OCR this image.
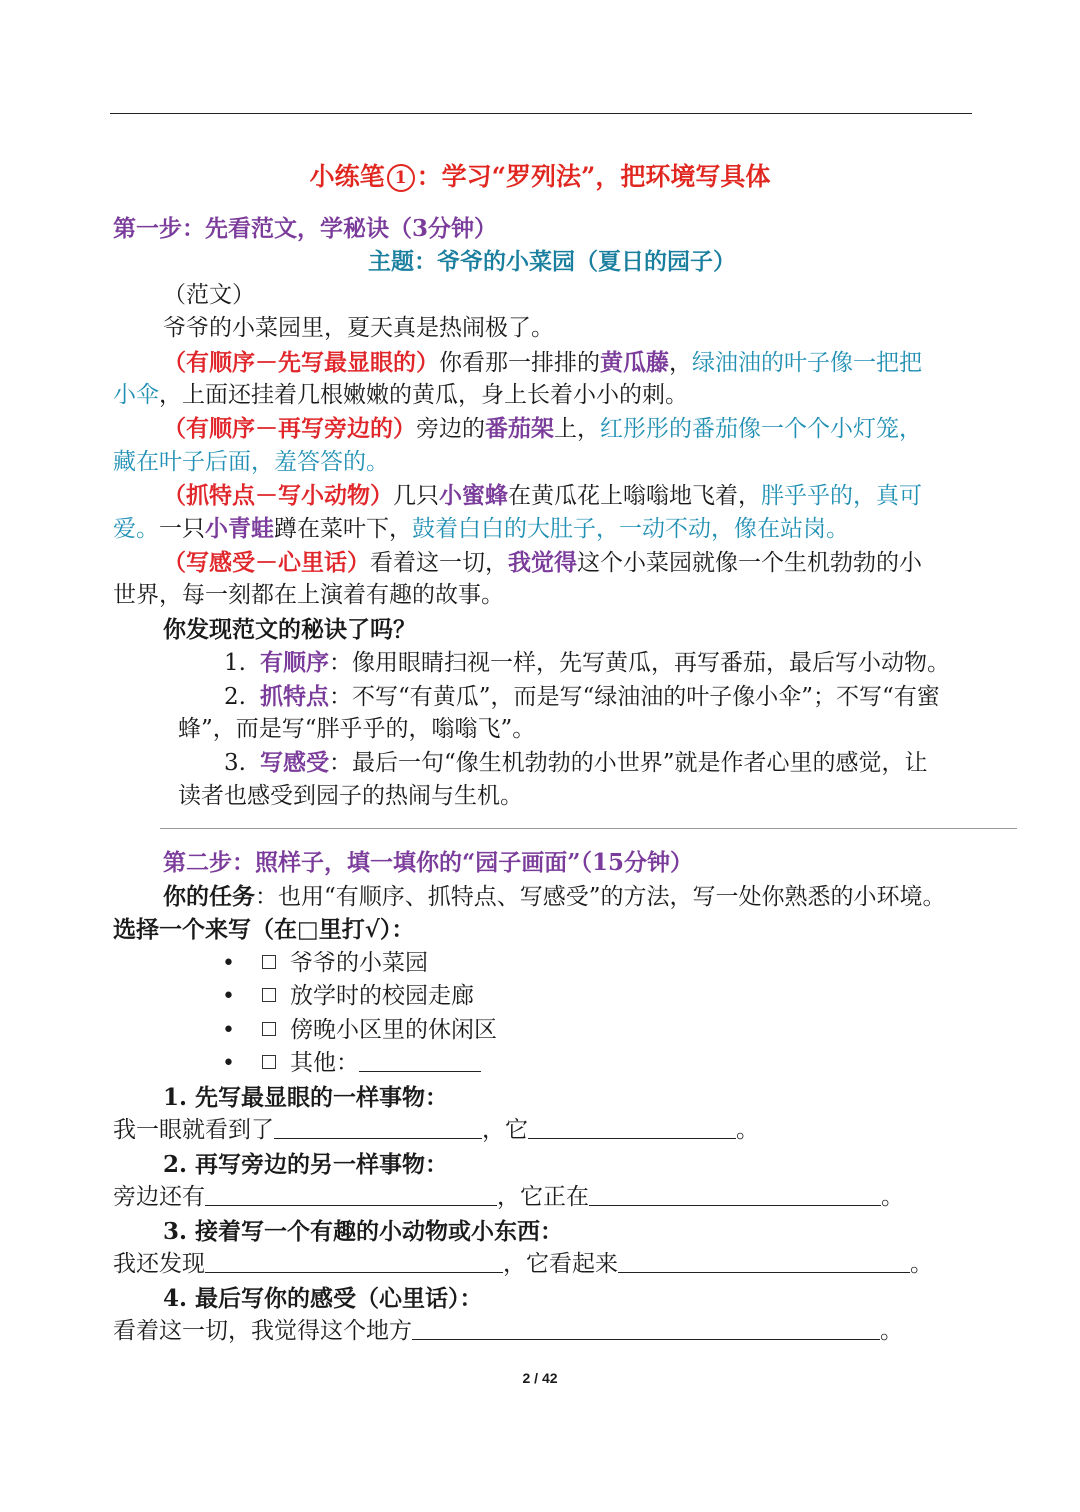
小练笔 1 ：学习“罗列法”，把环境写具体
第一步：先看范文，学秘诀（3分钟）
主题：爷爷的小菜园（夏日的园子）
（范文）
爷爷的小菜园里，夏天真是热闹极了。
（有顺序－先写最显眼的）你看那一排排的黄瓜藤，绿油油的叶子像一把把
小伞，上面还挂着几根嫩嫩的黄瓜，身上长着小小的刺。
（有顺序－再写旁边的）旁边的番茄架上，红彤彤的番茄像一个个小灯笼，
藏在叶子后面，羞答答的。
（抓特点－写小动物）几只小蜜蜂在黄瓜花上嗡嗡地飞着，胖乎乎的，真可
爱。一只小青蛙蹲在菜叶下，鼓着白白的大肚子，一动不动，像在站岗。
（写感受－心里话）看着这一切，我觉得这个小菜园就像一个生机勃勃的小
世界，每一刻都在上演着有趣的故事。
你发现范文的秘诀了吗？
1. 有顺序：像用眼睛扫视一样，先写黄瓜，再写番茄，最后写小动物。
2. 抓特点：不写“有黄瓜”，而是写“绿油油的叶子像小伞”；不写“有蜜
蜂”，而是写“胖乎乎的，嗡嗡飞”。
3. 写感受：最后一句“像生机勃勃的小世界”就是作者心里的感觉，让
读者也感受到园子的热闹与生机。
第二步：照样子，填一填你的“园子画面”（15分钟）
你的任务：也用“有顺序、抓特点、写感受”的方法，写一处你熟悉的小环境。
选择一个来写（在□里打√）：
•	爷爷的小菜园
•	放学时的校园走廊
•	傍晚小区里的休闲区
•	其他：
1. 先写最显眼的一样事物：
我一眼就看到了	，它	。
2. 再写旁边的另一样事物：
旁边还有	，它正在	。
3. 接着写一个有趣的小动物或小东西：
我还发现	，它看起来	。
4. 最后写你的感受（心里话）：
看着这一切，我觉得这个地方	。
2 / 42
